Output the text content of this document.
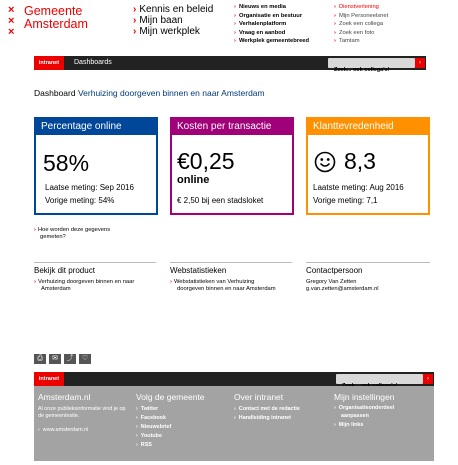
×
×
×
Gemeente
Amsterdam
› Kennis en beleid
› Mijn baan
› Mijn werkplek
› Nieuws en media
› Organisatie en bestuur
› Verhalenplatform
› Vraag en aanbod
› Werkplek gemeentebreed
› Dienstverlening
› Mijn Personeelsnet
› Zoek een collega
› Zoek een foto
› Tamtam
intranet	Dashboards
Zoek... ook collega's!
›
Dashboard Verhuizing doorgeven binnen en naar Amsterdam
Percentage online
58%
Laatse meting: Sep 2016
Vorige meting: 54%
Kosten per transactie
€0,25
online
€ 2,50 bij een stadsloket
Klanttevredenheid
8,3
Laatste meting: Aug 2016
Vorige meting: 7,1
› Hoe worden deze gegevens
gemeten?
Bekijk dit product
› Verhuizing doorgeven binnen en naar
Amsterdam
Webstatistieken
› Webstatistieken van Verhuizing
doorgeven binnen en naar Amsterdam
Contactpersoon
Gregory Van Zetten
g.van.zetten@amsterdam.nl
⎙	✉	⤴	♡
intranet	›
Amsterdam.nl
Al onze publieksinformatie vind je op
de gemeentesite.
› www.amsterdam.nl
Volg de gemeente
› Twitter
› Facebook
› Nieuwsbrief
› Youtube
› RSS
Over intranet
› Contact met de redactie
› Handleiding intranet
Mijn instellingen
› Organisatieonderdeel
aanpassen
› Mijn links
